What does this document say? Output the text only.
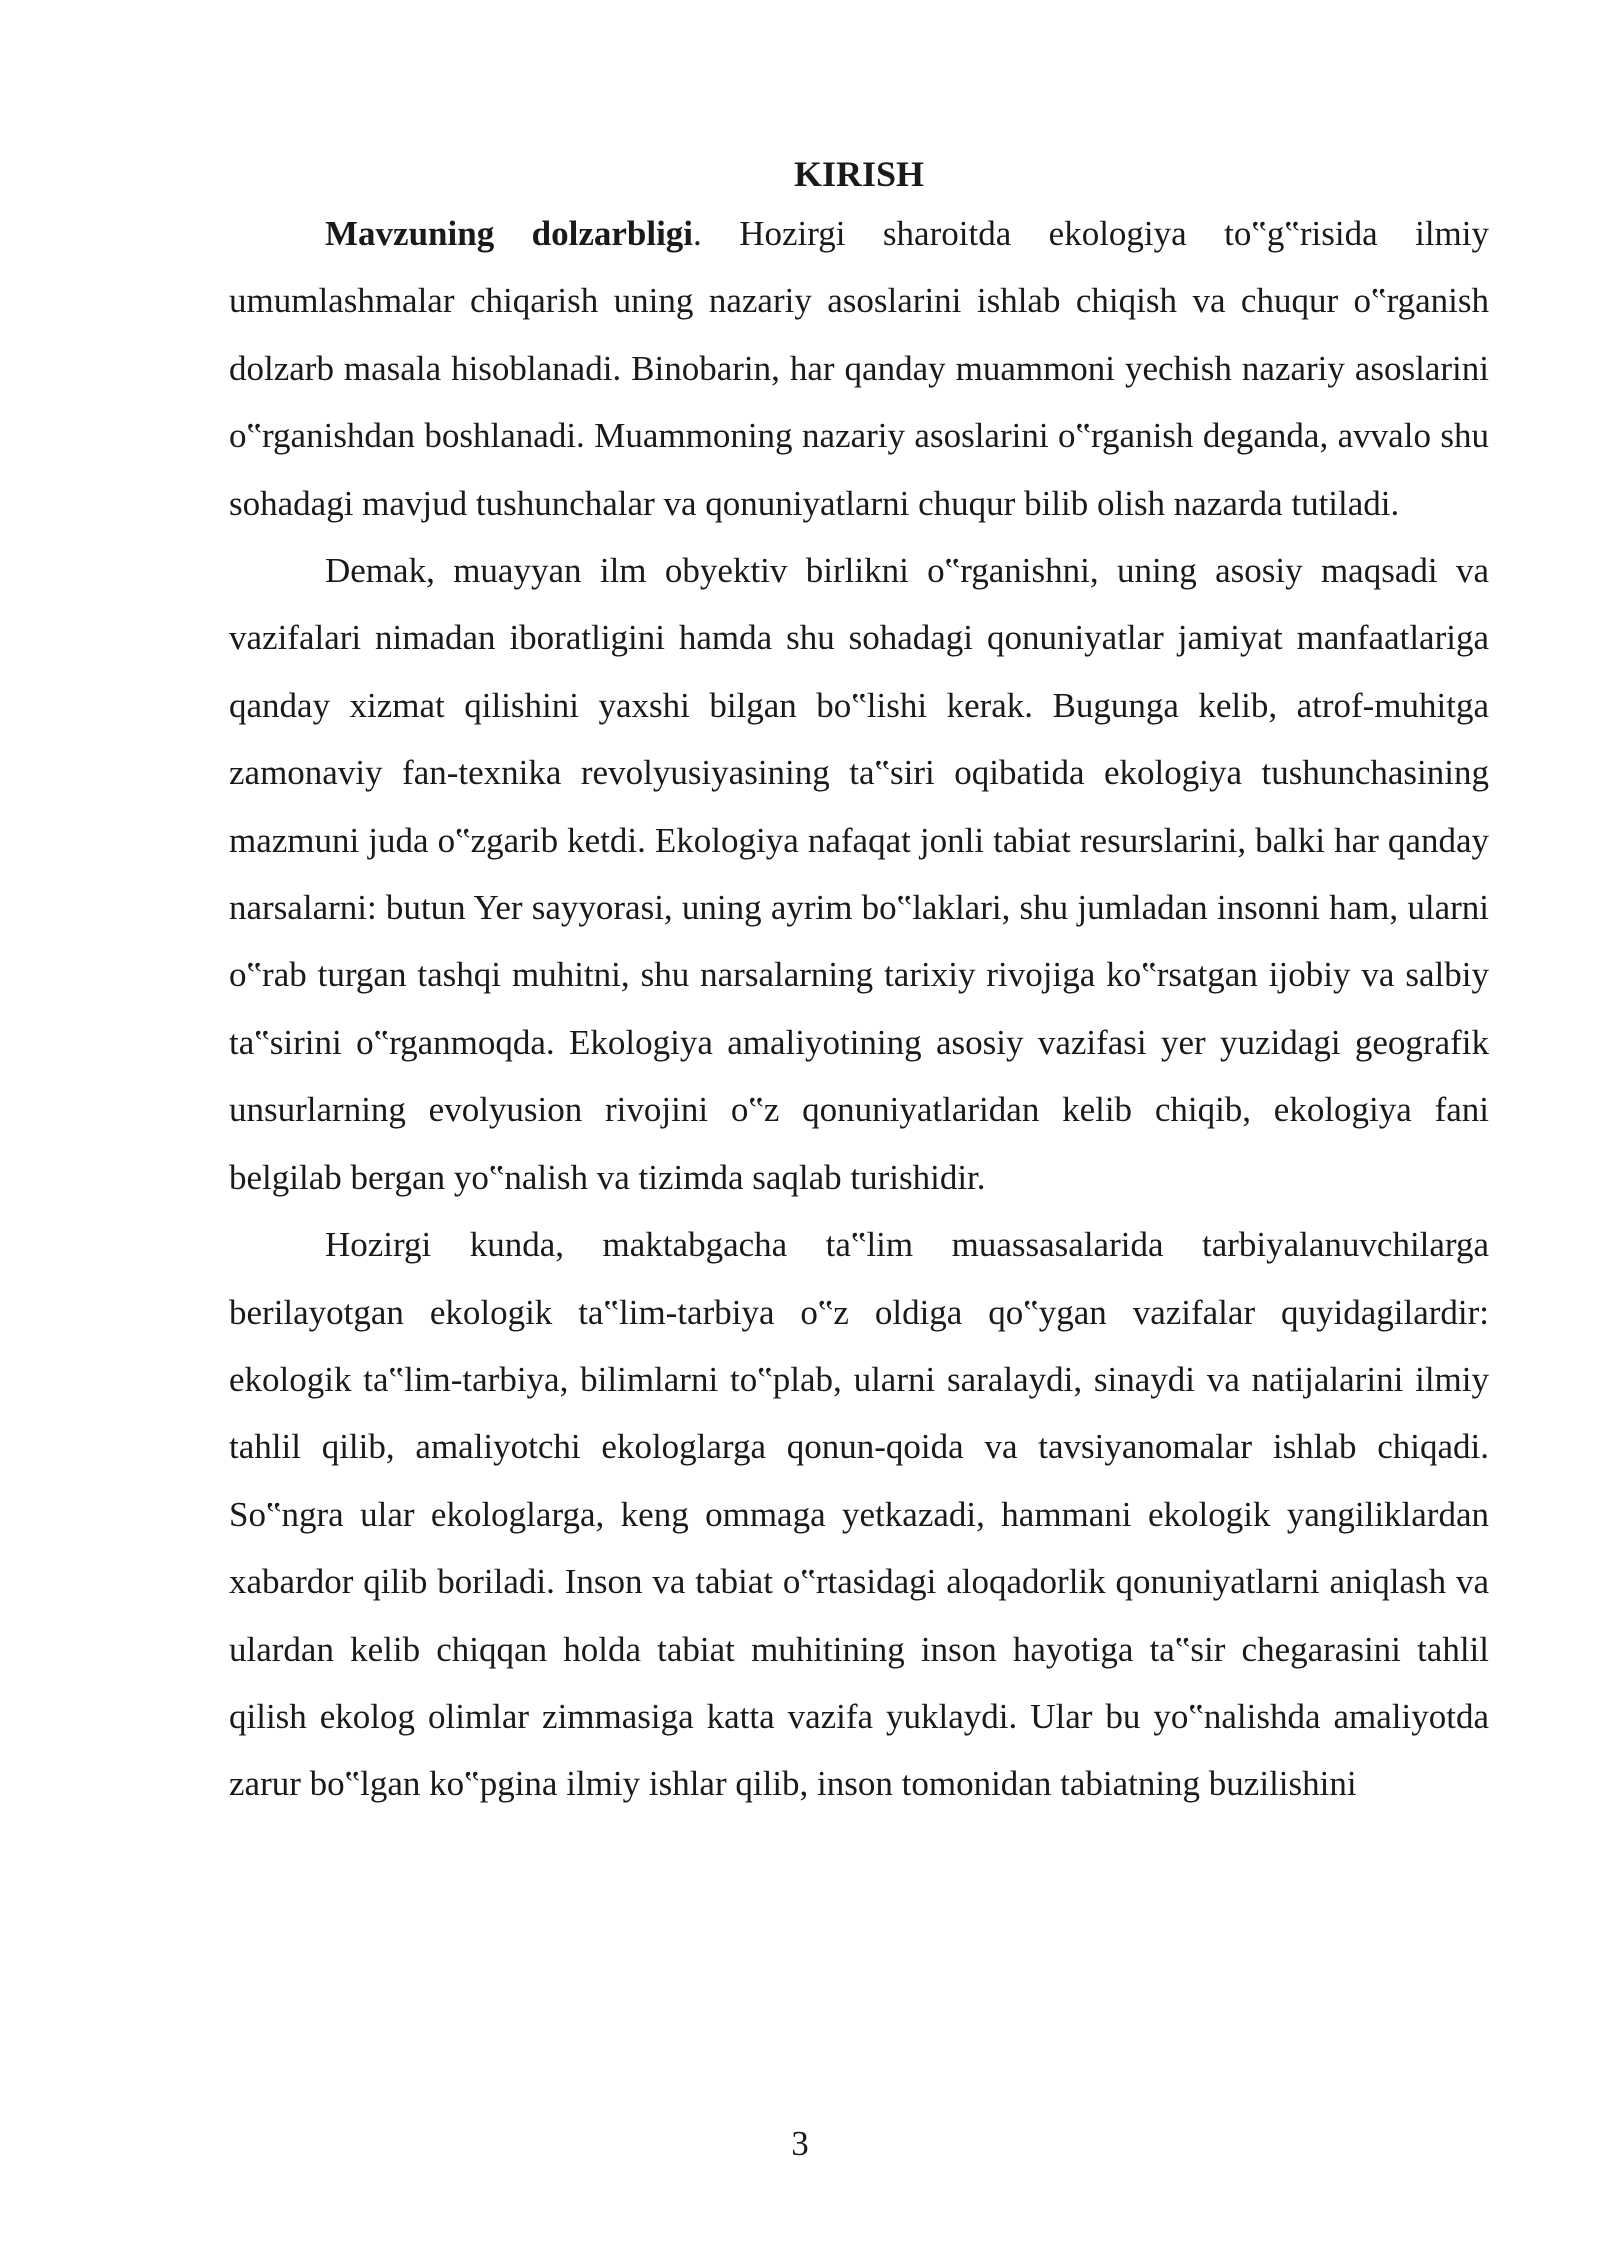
KIRISH

Mavzuning dolzarbligi. Hozirgi sharoitda ekologiya to‟g‟risida ilmiy umumlashmalar chiqarish uning nazariy asoslarini ishlab chiqish va chuqur o‟rganish dolzarb masala hisoblanadi. Binobarin, har qanday muammoni yechish nazariy asoslarini o‟rganishdan boshlanadi. Muammoning nazariy asoslarini o‟rganish deganda, avvalo shu sohadagi mavjud tushunchalar va qonuniyatlarni chuqur bilib olish nazarda tutiladi.

Demak, muayyan ilm obyektiv birlikni o‟rganishni, uning asosiy maqsadi va vazifalari nimadan iboratligini hamda shu sohadagi qonuniyatlar jamiyat manfaatlariga qanday xizmat qilishini yaxshi bilgan bo‟lishi kerak. Bugunga kelib, atrof-muhitga zamonaviy fan-texnika revolyusiyasining ta‟siri oqibatida ekologiya tushunchasining mazmuni juda o‟zgarib ketdi. Ekologiya nafaqat jonli tabiat resurslarini, balki har qanday narsalarni: butun Yer sayyorasi, uning ayrim bo‟laklari, shu jumladan insonni ham, ularni o‟rab turgan tashqi muhitni, shu narsalarning tarixiy rivojiga ko‟rsatgan ijobiy va salbiy ta‟sirini o‟rganmoqda. Ekologiya amaliyotining asosiy vazifasi yer yuzidagi geografik unsurlarning evolyusion rivojini o‟z qonuniyatlaridan kelib chiqib, ekologiya fani belgilab bergan yo‟nalish va tizimda saqlab turishidir.

Hozirgi kunda, maktabgacha ta‟lim muassasalarida tarbiyalanuvchilarga berilayotgan ekologik ta‟lim-tarbiya o‟z oldiga qo‟ygan vazifalar quyidagilardir: ekologik ta‟lim-tarbiya, bilimlarni to‟plab, ularni saralaydi, sinaydi va natijalarini ilmiy tahlil qilib, amaliyotchi ekologlarga qonun-qoida va tavsiyanomalar ishlab chiqadi. So‟ngra ular ekologlarga, keng ommaga yetkazadi, hammani ekologik yangiliklardan xabardor qilib boriladi. Inson va tabiat o‟rtasidagi aloqadorlik qonuniyatlarni aniqlash va ulardan kelib chiqqan holda tabiat muhitining inson hayotiga ta‟sir chegarasini tahlil qilish ekolog olimlar zimmasiga katta vazifa yuklaydi. Ular bu yo‟nalishda amaliyotda zarur bo‟lgan ko‟pgina ilmiy ishlar qilib, inson tomonidan tabiatning buzilishini

3
